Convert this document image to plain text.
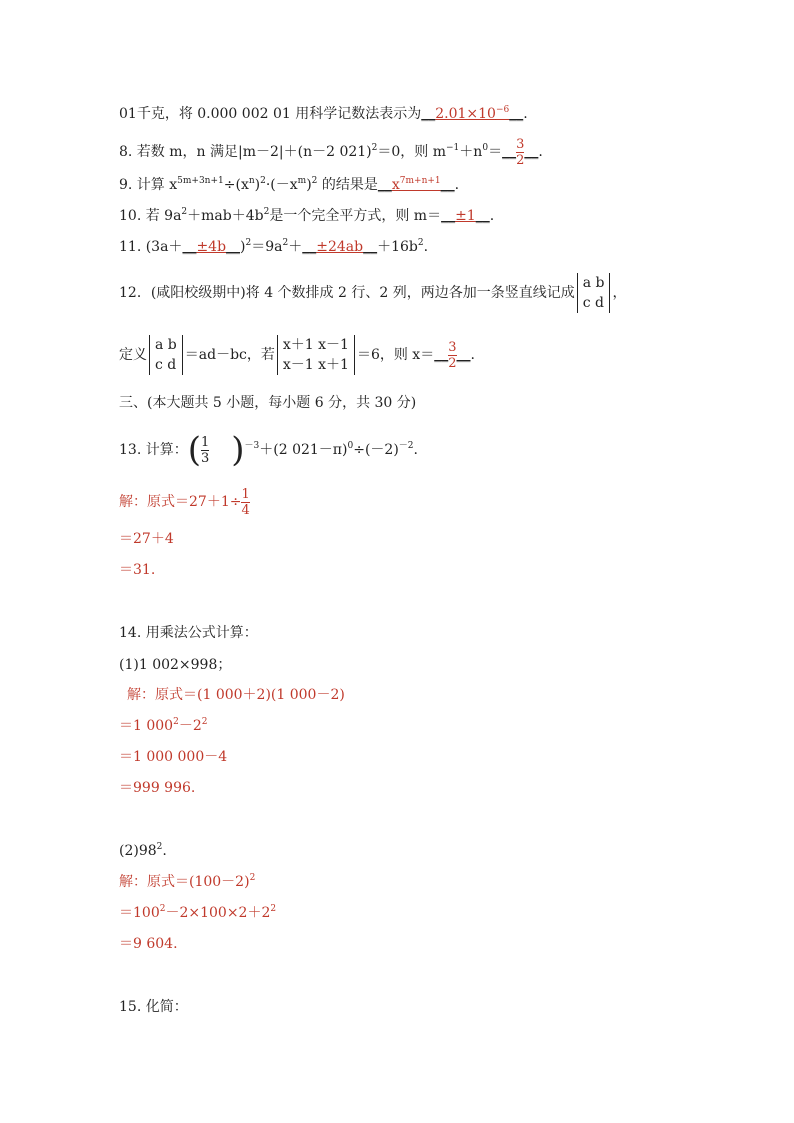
01千克，将 0.000 002 01 用科学记数法表示为$\_\_2.01\times 10^{-6}\_\_$.
8. 若数 m，n 满足|m－2|＋(n－2 021)$^2$＝0，则 $m^{-1}+n^0=\_\_ \frac{3}{2}$ __.
9. 计算 $x^{5m+3n+1}\div(x^n)^2\cdot(-x^m)^2$ 的结果是$\_\_x^{7m+n+1}\_\_$.
10. 若 $9a^2+mab+4b^2$是一个完全平方式，则 m＝__±1__.
11. $(3a+\_\_\pm 4b\_\_)^2=9a^2+\_\_\pm 24ab\_\_+16b^2$.
12．(咸阳校级期中)将 4 个数排成 2 行、2 列，两边各加一条竖直线记成
a b
c d
，
定义
a b
c d
＝ad－bc，若
x＋1 x－1
x－1 x＋1
＝6，则 x＝__ $\frac{3}{2}$ __.
三、(本大题共 5 小题，每小题 6 分，共 30 分)
13. 计算：( $\frac{1}{3} )^{-3}+(2$ $021-\pi)^0\div(-2)^{-2}$.
解：原式$=27+1\div \frac{1}{4}$
＝27＋4
＝31.
14. 用乘法公式计算：
(1)1 002×998；
解：原式＝(1 000＋2)(1 000－2)
＝1 $000^2-2^2$
＝1 000 000－4
＝999 996.
$(2)98^2$.
解：原式$=(100-2)^2$
$=100^2-2\times 100\times 2+2^2$
＝9 604.
15. 化简：
